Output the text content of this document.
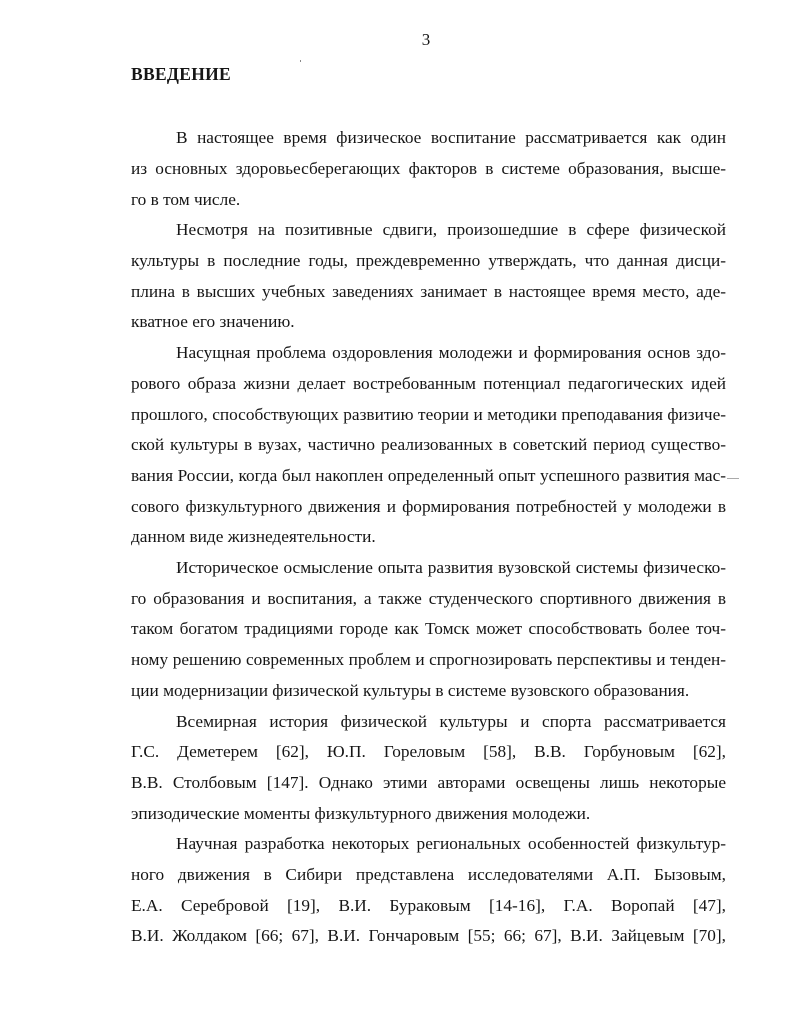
3
ВВЕДЕНИЕ
В настоящее время физическое воспитание рассматривается как один
из основных здоровьесберегающих факторов в системе образования, высше-
го в том числе.
Несмотря на позитивные сдвиги, произошедшие в сфере физической
культуры в последние годы, преждевременно утверждать, что данная дисци-
плина в высших учебных заведениях занимает в настоящее время место, аде-
кватное его значению.
Насущная проблема оздоровления молодежи и формирования основ здо-
рового образа жизни делает востребованным потенциал педагогических идей
прошлого, способствующих развитию теории и методики преподавания физиче-
ской культуры в вузах, частично реализованных в советский период существо-
вания России, когда был накоплен определенный опыт успешного развития мас-
сового физкультурного движения и формирования потребностей у молодежи в
данном виде жизнедеятельности.
Историческое осмысление опыта развития вузовской системы физическо-
го образования и воспитания, а также студенческого спортивного движения в
таком богатом традициями городе как Томск может способствовать более точ-
ному решению современных проблем и спрогнозировать перспективы и тенден-
ции модернизации физической культуры в системе вузовского образования.
Всемирная история физической культуры и спорта рассматривается
Г.С. Деметерем [62], Ю.П. Гореловым [58], В.В. Горбуновым [62],
В.В. Столбовым [147]. Однако этими авторами освещены лишь некоторые
эпизодические моменты физкультурного движения молодежи.
Научная разработка некоторых региональных особенностей физкультур-
ного движения в Сибири представлена исследователями А.П. Бызовым,
Е.А. Серебровой [19], В.И. Бураковым [14-16], Г.А. Воропай [47],
В.И. Жолдаком [66; 67], В.И. Гончаровым [55; 66; 67], В.И. Зайцевым [70],
